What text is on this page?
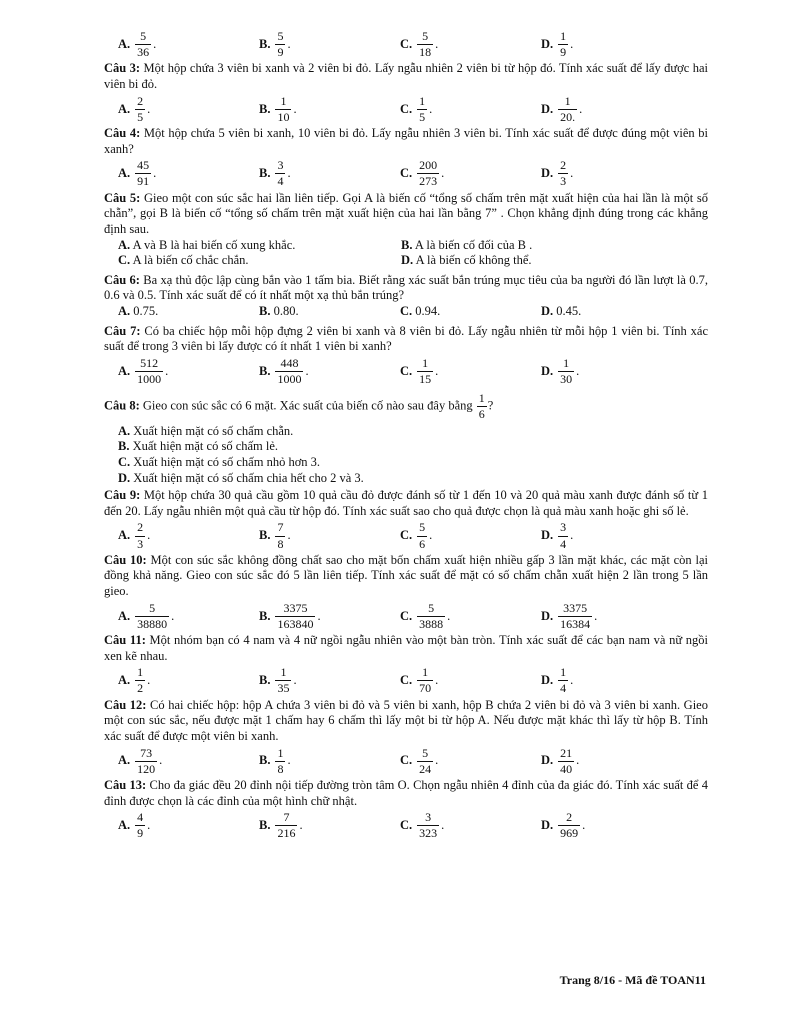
A. $\frac{5}{36}$ .	B. $\frac{5}{9}$ .	C. $\frac{5}{18}$ .	D. $\frac{1}{9}$ .
Câu 3: Một hộp chứa 3 viên bi xanh và 2 viên bi đỏ. Lấy ngẫu nhiên 2 viên bi từ hộp đó. Tính xác suất để lấy được hai viên bi đỏ.
A. $\frac{2}{5}$ .	B. $\frac{1}{10}$ .	C. $\frac{1}{5}$ .	D. $\frac{1}{20.}$ .
Câu 4: Một hộp chứa 5 viên bi xanh, 10 viên bi đỏ. Lấy ngẫu nhiên 3 viên bi. Tính xác suất để được đúng một viên bi xanh?
A. $\frac{45}{91}$ .	B. $\frac{3}{4}$ .	C. $\frac{200}{273}$ .	D. $\frac{2}{3}$ .
Câu 5: Gieo một con súc sắc hai lần liên tiếp. Gọi A là biến cố “tổng số chấm trên mặt xuất hiện của hai lần là một số chẵn”, gọi B là biến cố “tổng số chấm trên mặt xuất hiện của hai lần bằng 7” . Chọn khẳng định đúng trong các khẳng định sau.
A. A và B là hai biến cố xung khắc.	B. A là biến cố đối của B .
C. A là biến cố chắc chắn.	D. A là biến cố không thể.
Câu 6: Ba xạ thủ độc lập cùng bắn vào 1 tấm bia. Biết rằng xác suất bắn trúng mục tiêu của ba người đó lần lượt là 0.7, 0.6 và 0.5. Tính xác suất để có ít nhất một xạ thủ bắn trúng?
A. 0.75.	B. 0.80.	C. 0.94.	D. 0.45.
Câu 7: Có ba chiếc hộp mỗi hộp đựng 2 viên bi xanh và 8 viên bi đỏ. Lấy ngẫu nhiên từ mỗi hộp 1 viên bi. Tính xác suất để trong 3 viên bi lấy được có ít nhất 1 viên bi xanh?
A. $\frac{512}{1000}$ .	B. $\frac{448}{1000}$ .	C. $\frac{1}{15}$ .	D. $\frac{1}{30}$ .
Câu 8: Gieo con súc sắc có 6 mặt. Xác suất của biến cố nào sau đây bằng $\frac{1}{6}$ ?
A. Xuất hiện mặt có số chấm chẵn.
B. Xuất hiện mặt có số chấm lẻ.
C. Xuất hiện mặt có số chấm nhỏ hơn 3.
D. Xuất hiện mặt có số chấm chia hết cho 2 và 3.
Câu 9: Một hộp chứa 30 quả cầu gồm 10 quả cầu đỏ được đánh số từ 1 đến 10 và 20 quả màu xanh được đánh số từ 1 đến 20. Lấy ngẫu nhiên một quả cầu từ hộp đó. Tính xác suất sao cho quả được chọn là quả màu xanh hoặc ghi số lẻ.
A. $\frac{2}{3}$ .	B. $\frac{7}{8}$ .	C. $\frac{5}{6}$ .	D. $\frac{3}{4}$ .
Câu 10: Một con súc sắc không đồng chất sao cho mặt bốn chấm xuất hiện nhiều gấp 3 lần mặt khác, các mặt còn lại đồng khả năng. Gieo con súc sắc đó 5 lần liên tiếp. Tính xác suất để mặt có số chấm chẵn xuất hiện 2 lần trong 5 lần gieo.
A. $\frac{5}{38880}$ .	B. $\frac{3375}{163840}$ .	C. $\frac{5}{3888}$ .	D. $\frac{3375}{16384}$ .
Câu 11: Một nhóm bạn có 4 nam và 4 nữ ngồi ngẫu nhiên vào một bàn tròn. Tính xác suất để các bạn nam và nữ ngồi xen kẽ nhau.
A. $\frac{1}{2}$ .	B. $\frac{1}{35}$ .	C. $\frac{1}{70}$ .	D. $\frac{1}{4}$ .
Câu 12: Có hai chiếc hộp: hộp A chứa 3 viên bi đỏ và 5 viên bi xanh, hộp B chứa 2 viên bi đỏ và 3 viên bi xanh. Gieo một con súc sắc, nếu được mặt 1 chấm hay 6 chấm thì lấy một bi từ hộp A. Nếu được mặt khác thì lấy từ hộp B. Tính xác suất để được một viên bi xanh.
A. $\frac{73}{120}$ .	B. $\frac{1}{8}$ .	C. $\frac{5}{24}$ .	D. $\frac{21}{40}$ .
Câu 13: Cho đa giác đều 20 đỉnh nội tiếp đường tròn tâm O. Chọn ngẫu nhiên 4 đỉnh của đa giác đó. Tính xác suất để 4 đỉnh được chọn là các đỉnh của một hình chữ nhật.
A. $\frac{4}{9}$ .	B. $\frac{7}{216}$ .	C. $\frac{3}{323}$ .	D. $\frac{2}{969}$ .
Trang 8/16 - Mã đề TOAN11
